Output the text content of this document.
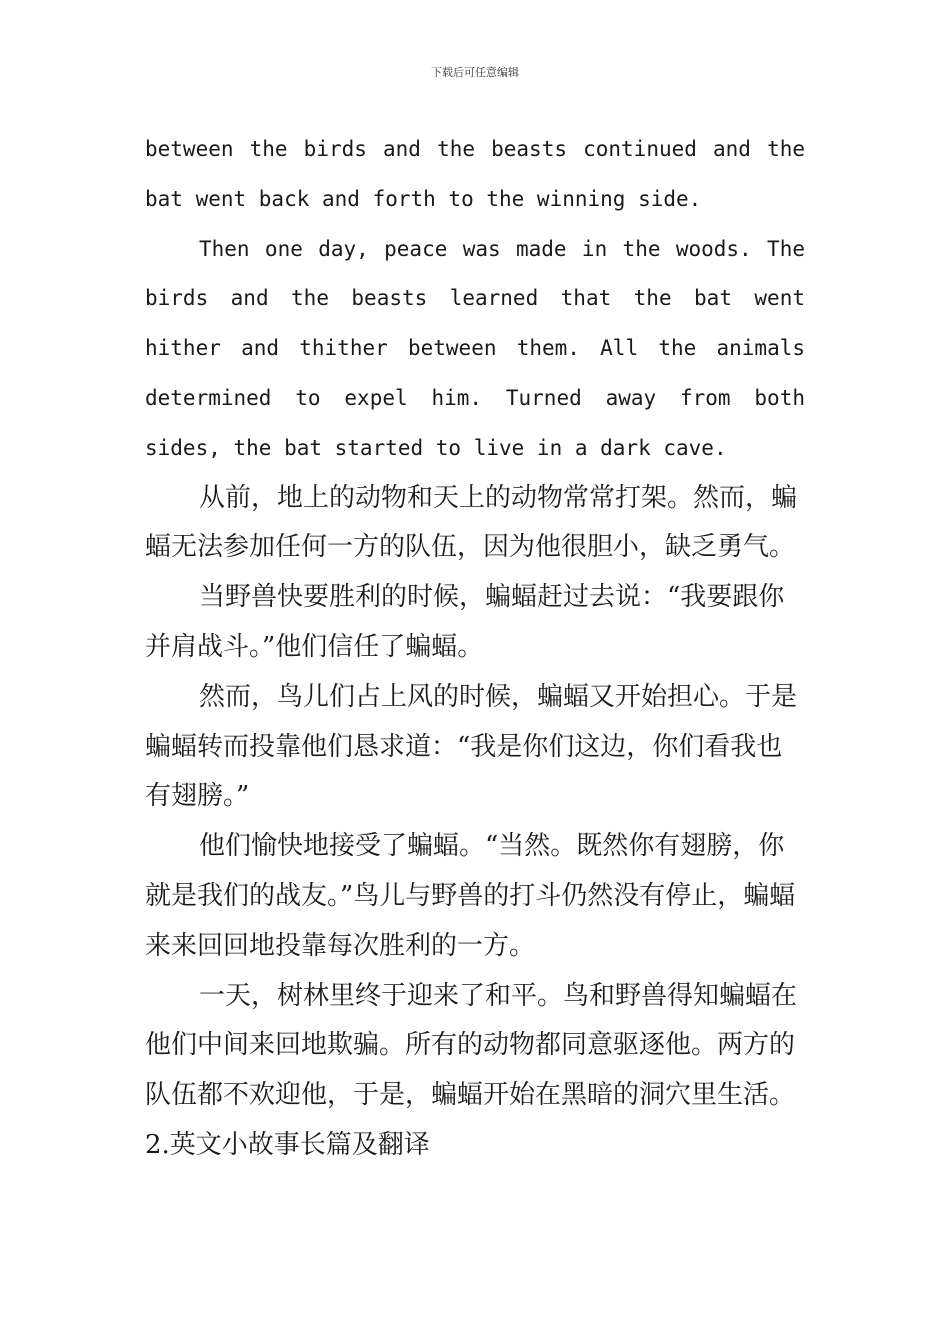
下载后可任意编辑

between the birds and the beasts continued and the
bat went back and forth to the winning side.

Then one day, peace was made in the woods. The
birds and the beasts learned that the bat went
hither and thither between them. All the animals
determined to expel him. Turned away from both
sides, the bat started to live in a dark cave.

从前，地上的动物和天上的动物常常打架。然而，蝙蝠无法参加任何一方的队伍，因为他很胆小，缺乏勇气。

当野兽快要胜利的时候，蝙蝠赶过去说：“我要跟你并肩战斗。”他们信任了蝙蝠。

然而，鸟儿们占上风的时候，蝙蝠又开始担心。于是蝙蝠转而投靠他们恳求道：“我是你们这边，你们看我也有翅膀。”

他们愉快地接受了蝙蝠。“当然。既然你有翅膀，你就是我们的战友。”鸟儿与野兽的打斗仍然没有停止，蝙蝠来来回回地投靠每次胜利的一方。

一天，树林里终于迎来了和平。鸟和野兽得知蝙蝠在他们中间来回地欺骗。所有的动物都同意驱逐他。两方的队伍都不欢迎他，于是，蝙蝠开始在黑暗的洞穴里生活。

2.英文小故事长篇及翻译
